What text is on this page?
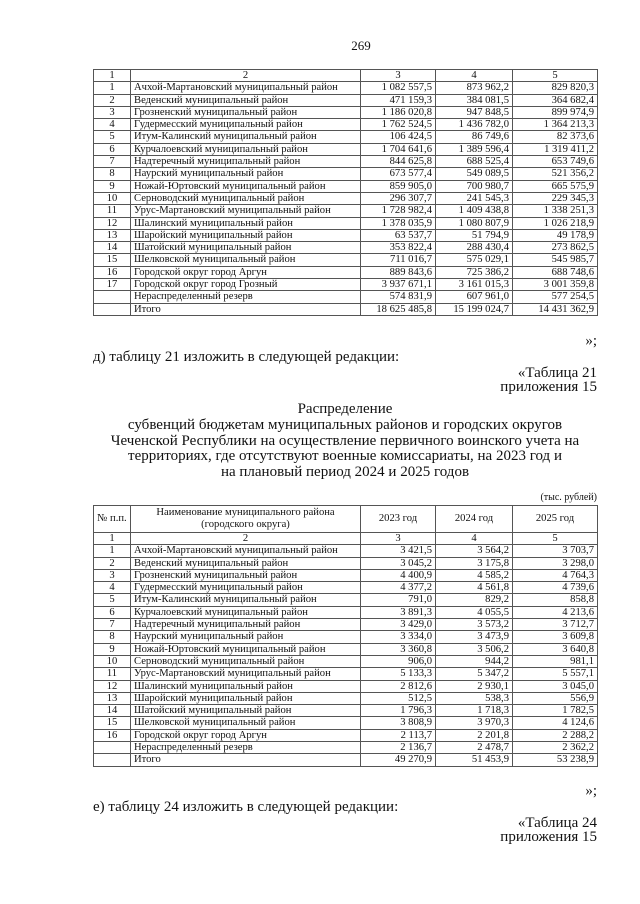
269
1	2	3	4	5
1	Ачхой-Мартановский муниципальный район	1 082 557,5	873 962,2	829 820,3
2	Веденский муниципальный район	471 159,3	384 081,5	364 682,4
3	Грозненский муниципальный район	1 186 020,8	947 848,5	899 974,9
4	Гудермесский муниципальный район	1 762 524,5	1 436 782,0	1 364 213,3
5	Итум-Калинский муниципальный район	106 424,5	86 749,6	82 373,6
6	Курчалоевский муниципальный район	1 704 641,6	1 389 596,4	1 319 411,2
7	Надтеречный муниципальный район	844 625,8	688 525,4	653 749,6
8	Наурский муниципальный район	673 577,4	549 089,5	521 356,2
9	Ножай-Юртовский муниципальный район	859 905,0	700 980,7	665 575,9
10	Серноводский муниципальный район	296 307,7	241 545,3	229 345,3
11	Урус-Мартановский муниципальный район	1 728 982,4	1 409 438,8	1 338 251,3
12	Шалинский муниципальный район	1 378 035,9	1 080 807,9	1 026 218,9
13	Шаройский муниципальный район	63 537,7	51 794,9	49 178,9
14	Шатойский муниципальный район	353 822,4	288 430,4	273 862,5
15	Шелковской муниципальный район	711 016,7	575 029,1	545 985,7
16	Городской округ город Аргун	889 843,6	725 386,2	688 748,6
17	Городской округ город Грозный	3 937 671,1	3 161 015,3	3 001 359,8
	Нераспределенный резерв	574 831,9	607 961,0	577 254,5
	Итого	18 625 485,8	15 199 024,7	14 431 362,9
»;
д) таблицу 21 изложить в следующей редакции:
«Таблица 21
приложения 15
Распределение
субвенций бюджетам муниципальных районов и городских округов
Чеченской Республики на осуществление первичного воинского учета на
территориях, где отсутствуют военные комиссариаты, на 2023 год и
на плановый период 2024 и 2025 годов
(тыс. рублей)
№ п.п.	Наименование муниципального района (городского округа)	2023 год	2024 год	2025 год
1	2	3	4	5
1	Ачхой-Мартановский муниципальный район	3 421,5	3 564,2	3 703,7
2	Веденский муниципальный район	3 045,2	3 175,8	3 298,0
3	Грозненский муниципальный район	4 400,9	4 585,2	4 764,3
4	Гудермесский муниципальный район	4 377,2	4 561,8	4 739,6
5	Итум-Калинский муниципальный район	791,0	829,2	858,8
6	Курчалоевский муниципальный район	3 891,3	4 055,5	4 213,6
7	Надтеречный муниципальный район	3 429,0	3 573,2	3 712,7
8	Наурский муниципальный район	3 334,0	3 473,9	3 609,8
9	Ножай-Юртовский муниципальный район	3 360,8	3 506,2	3 640,8
10	Серноводский муниципальный район	906,0	944,2	981,1
11	Урус-Мартановский муниципальный район	5 133,3	5 347,2	5 557,1
12	Шалинский муниципальный район	2 812,6	2 930,1	3 045,0
13	Шаройский муниципальный район	512,5	538,3	556,9
14	Шатойский муниципальный район	1 796,3	1 718,3	1 782,5
15	Шелковской муниципальный район	3 808,9	3 970,3	4 124,6
16	Городской округ город Аргун	2 113,7	2 201,8	2 288,2
	Нераспределенный резерв	2 136,7	2 478,7	2 362,2
	Итого	49 270,9	51 453,9	53 238,9
»;
е) таблицу 24 изложить в следующей редакции:
«Таблица 24
приложения 15
